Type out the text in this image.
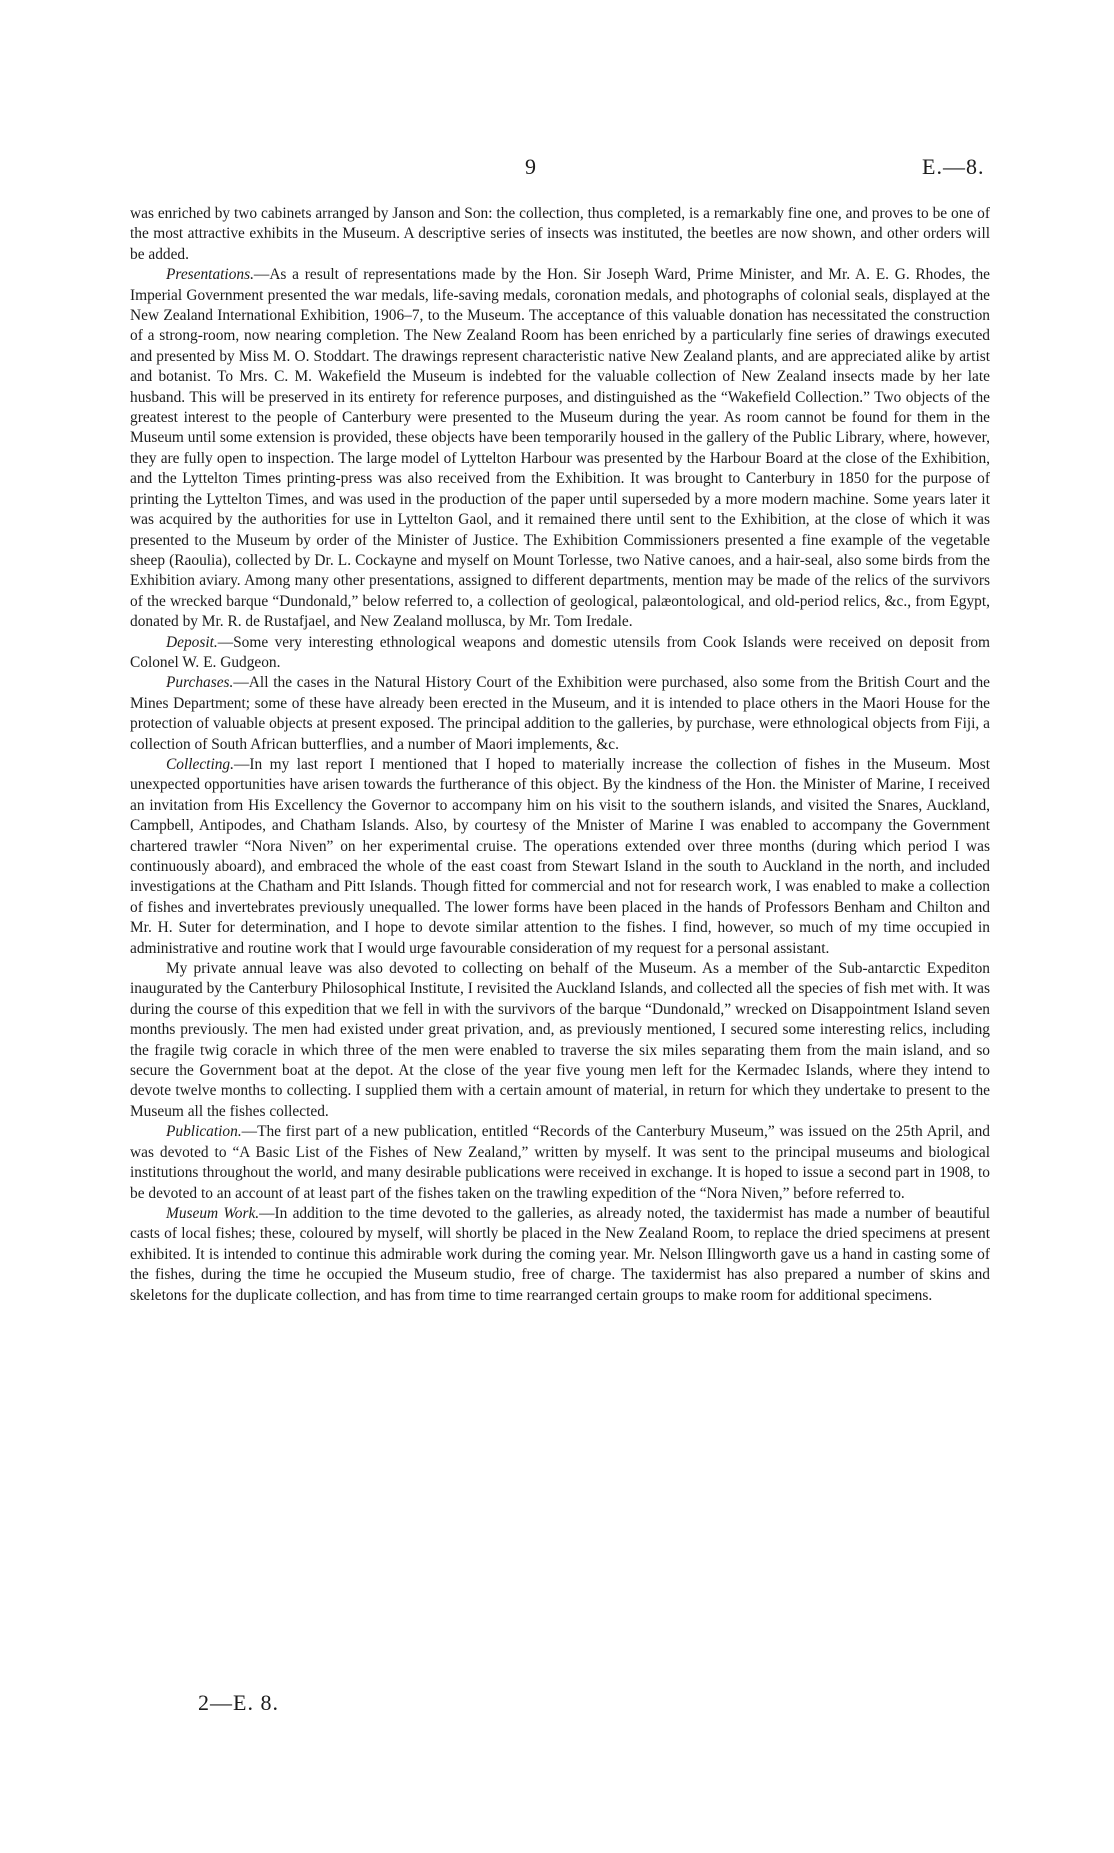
9	E.—8.

was enriched by two cabinets arranged by Janson and Son: the collection, thus completed, is a remarkably fine one, and proves to be one of the most attractive exhibits in the Museum. A descriptive series of insects was instituted, the beetles are now shown, and other orders will be added.

Presentations.—As a result of representations made by the Hon. Sir Joseph Ward, Prime Minister, and Mr. A. E. G. Rhodes, the Imperial Government presented the war medals, life-saving medals, coronation medals, and photographs of colonial seals, displayed at the New Zealand International Exhibition, 1906–7, to the Museum. The acceptance of this valuable donation has necessitated the construction of a strong-room, now nearing completion. The New Zealand Room has been enriched by a particularly fine series of drawings executed and presented by Miss M. O. Stoddart. The drawings represent characteristic native New Zealand plants, and are appreciated alike by artist and botanist. To Mrs. C. M. Wakefield the Museum is indebted for the valuable collection of New Zealand insects made by her late husband. This will be preserved in its entirety for reference purposes, and distinguished as the “Wakefield Collection.” Two objects of the greatest interest to the people of Canterbury were presented to the Museum during the year. As room cannot be found for them in the Museum until some extension is provided, these objects have been temporarily housed in the gallery of the Public Library, where, however, they are fully open to inspection. The large model of Lyttelton Harbour was presented by the Harbour Board at the close of the Exhibition, and the Lyttelton Times printing-press was also received from the Exhibition. It was brought to Canterbury in 1850 for the purpose of printing the Lyttelton Times, and was used in the production of the paper until superseded by a more modern machine. Some years later it was acquired by the authorities for use in Lyttelton Gaol, and it remained there until sent to the Exhibition, at the close of which it was presented to the Museum by order of the Minister of Justice. The Exhibition Commissioners presented a fine example of the vegetable sheep (Raoulia), collected by Dr. L. Cockayne and myself on Mount Torlesse, two Native canoes, and a hair-seal, also some birds from the Exhibition aviary. Among many other presentations, assigned to different departments, mention may be made of the relics of the survivors of the wrecked barque “Dundonald,” below referred to, a collection of geological, palæontological, and old-period relics, &c., from Egypt, donated by Mr. R. de Rustafjael, and New Zealand mollusca, by Mr. Tom Iredale.

Deposit.—Some very interesting ethnological weapons and domestic utensils from Cook Islands were received on deposit from Colonel W. E. Gudgeon.

Purchases.—All the cases in the Natural History Court of the Exhibition were purchased, also some from the British Court and the Mines Department; some of these have already been erected in the Museum, and it is intended to place others in the Maori House for the protection of valuable objects at present exposed. The principal addition to the galleries, by purchase, were ethnological objects from Fiji, a collection of South African butterflies, and a number of Maori implements, &c.

Collecting.—In my last report I mentioned that I hoped to materially increase the collection of fishes in the Museum. Most unexpected opportunities have arisen towards the furtherance of this object. By the kindness of the Hon. the Minister of Marine, I received an invitation from His Excellency the Governor to accompany him on his visit to the southern islands, and visited the Snares, Auckland, Campbell, Antipodes, and Chatham Islands. Also, by courtesy of the Mnister of Marine I was enabled to accompany the Government chartered trawler “Nora Niven” on her experimental cruise. The operations extended over three months (during which period I was continuously aboard), and embraced the whole of the east coast from Stewart Island in the south to Auckland in the north, and included investigations at the Chatham and Pitt Islands. Though fitted for commercial and not for research work, I was enabled to make a collection of fishes and invertebrates previously unequalled. The lower forms have been placed in the hands of Professors Benham and Chilton and Mr. H. Suter for determination, and I hope to devote similar attention to the fishes. I find, however, so much of my time occupied in administrative and routine work that I would urge favourable consideration of my request for a personal assistant.

My private annual leave was also devoted to collecting on behalf of the Museum. As a member of the Sub-antarctic Expediton inaugurated by the Canterbury Philosophical Institute, I revisited the Auckland Islands, and collected all the species of fish met with. It was during the course of this expedition that we fell in with the survivors of the barque “Dundonald,” wrecked on Disappointment Island seven months previously. The men had existed under great privation, and, as previously mentioned, I secured some interesting relics, including the fragile twig coracle in which three of the men were enabled to traverse the six miles separating them from the main island, and so secure the Government boat at the depot. At the close of the year five young men left for the Kermadec Islands, where they intend to devote twelve months to collecting. I supplied them with a certain amount of material, in return for which they undertake to present to the Museum all the fishes collected.

Publication.—The first part of a new publication, entitled “Records of the Canterbury Museum,” was issued on the 25th April, and was devoted to “A Basic List of the Fishes of New Zealand,” written by myself. It was sent to the principal museums and biological institutions throughout the world, and many desirable publications were received in exchange. It is hoped to issue a second part in 1908, to be devoted to an account of at least part of the fishes taken on the trawling expedition of the “Nora Niven,” before referred to.

Museum Work.—In addition to the time devoted to the galleries, as already noted, the taxidermist has made a number of beautiful casts of local fishes; these, coloured by myself, will shortly be placed in the New Zealand Room, to replace the dried specimens at present exhibited. It is intended to continue this admirable work during the coming year. Mr. Nelson Illingworth gave us a hand in casting some of the fishes, during the time he occupied the Museum studio, free of charge. The taxidermist has also prepared a number of skins and skeletons for the duplicate collection, and has from time to time rearranged certain groups to make room for additional specimens.

2—E. 8.
